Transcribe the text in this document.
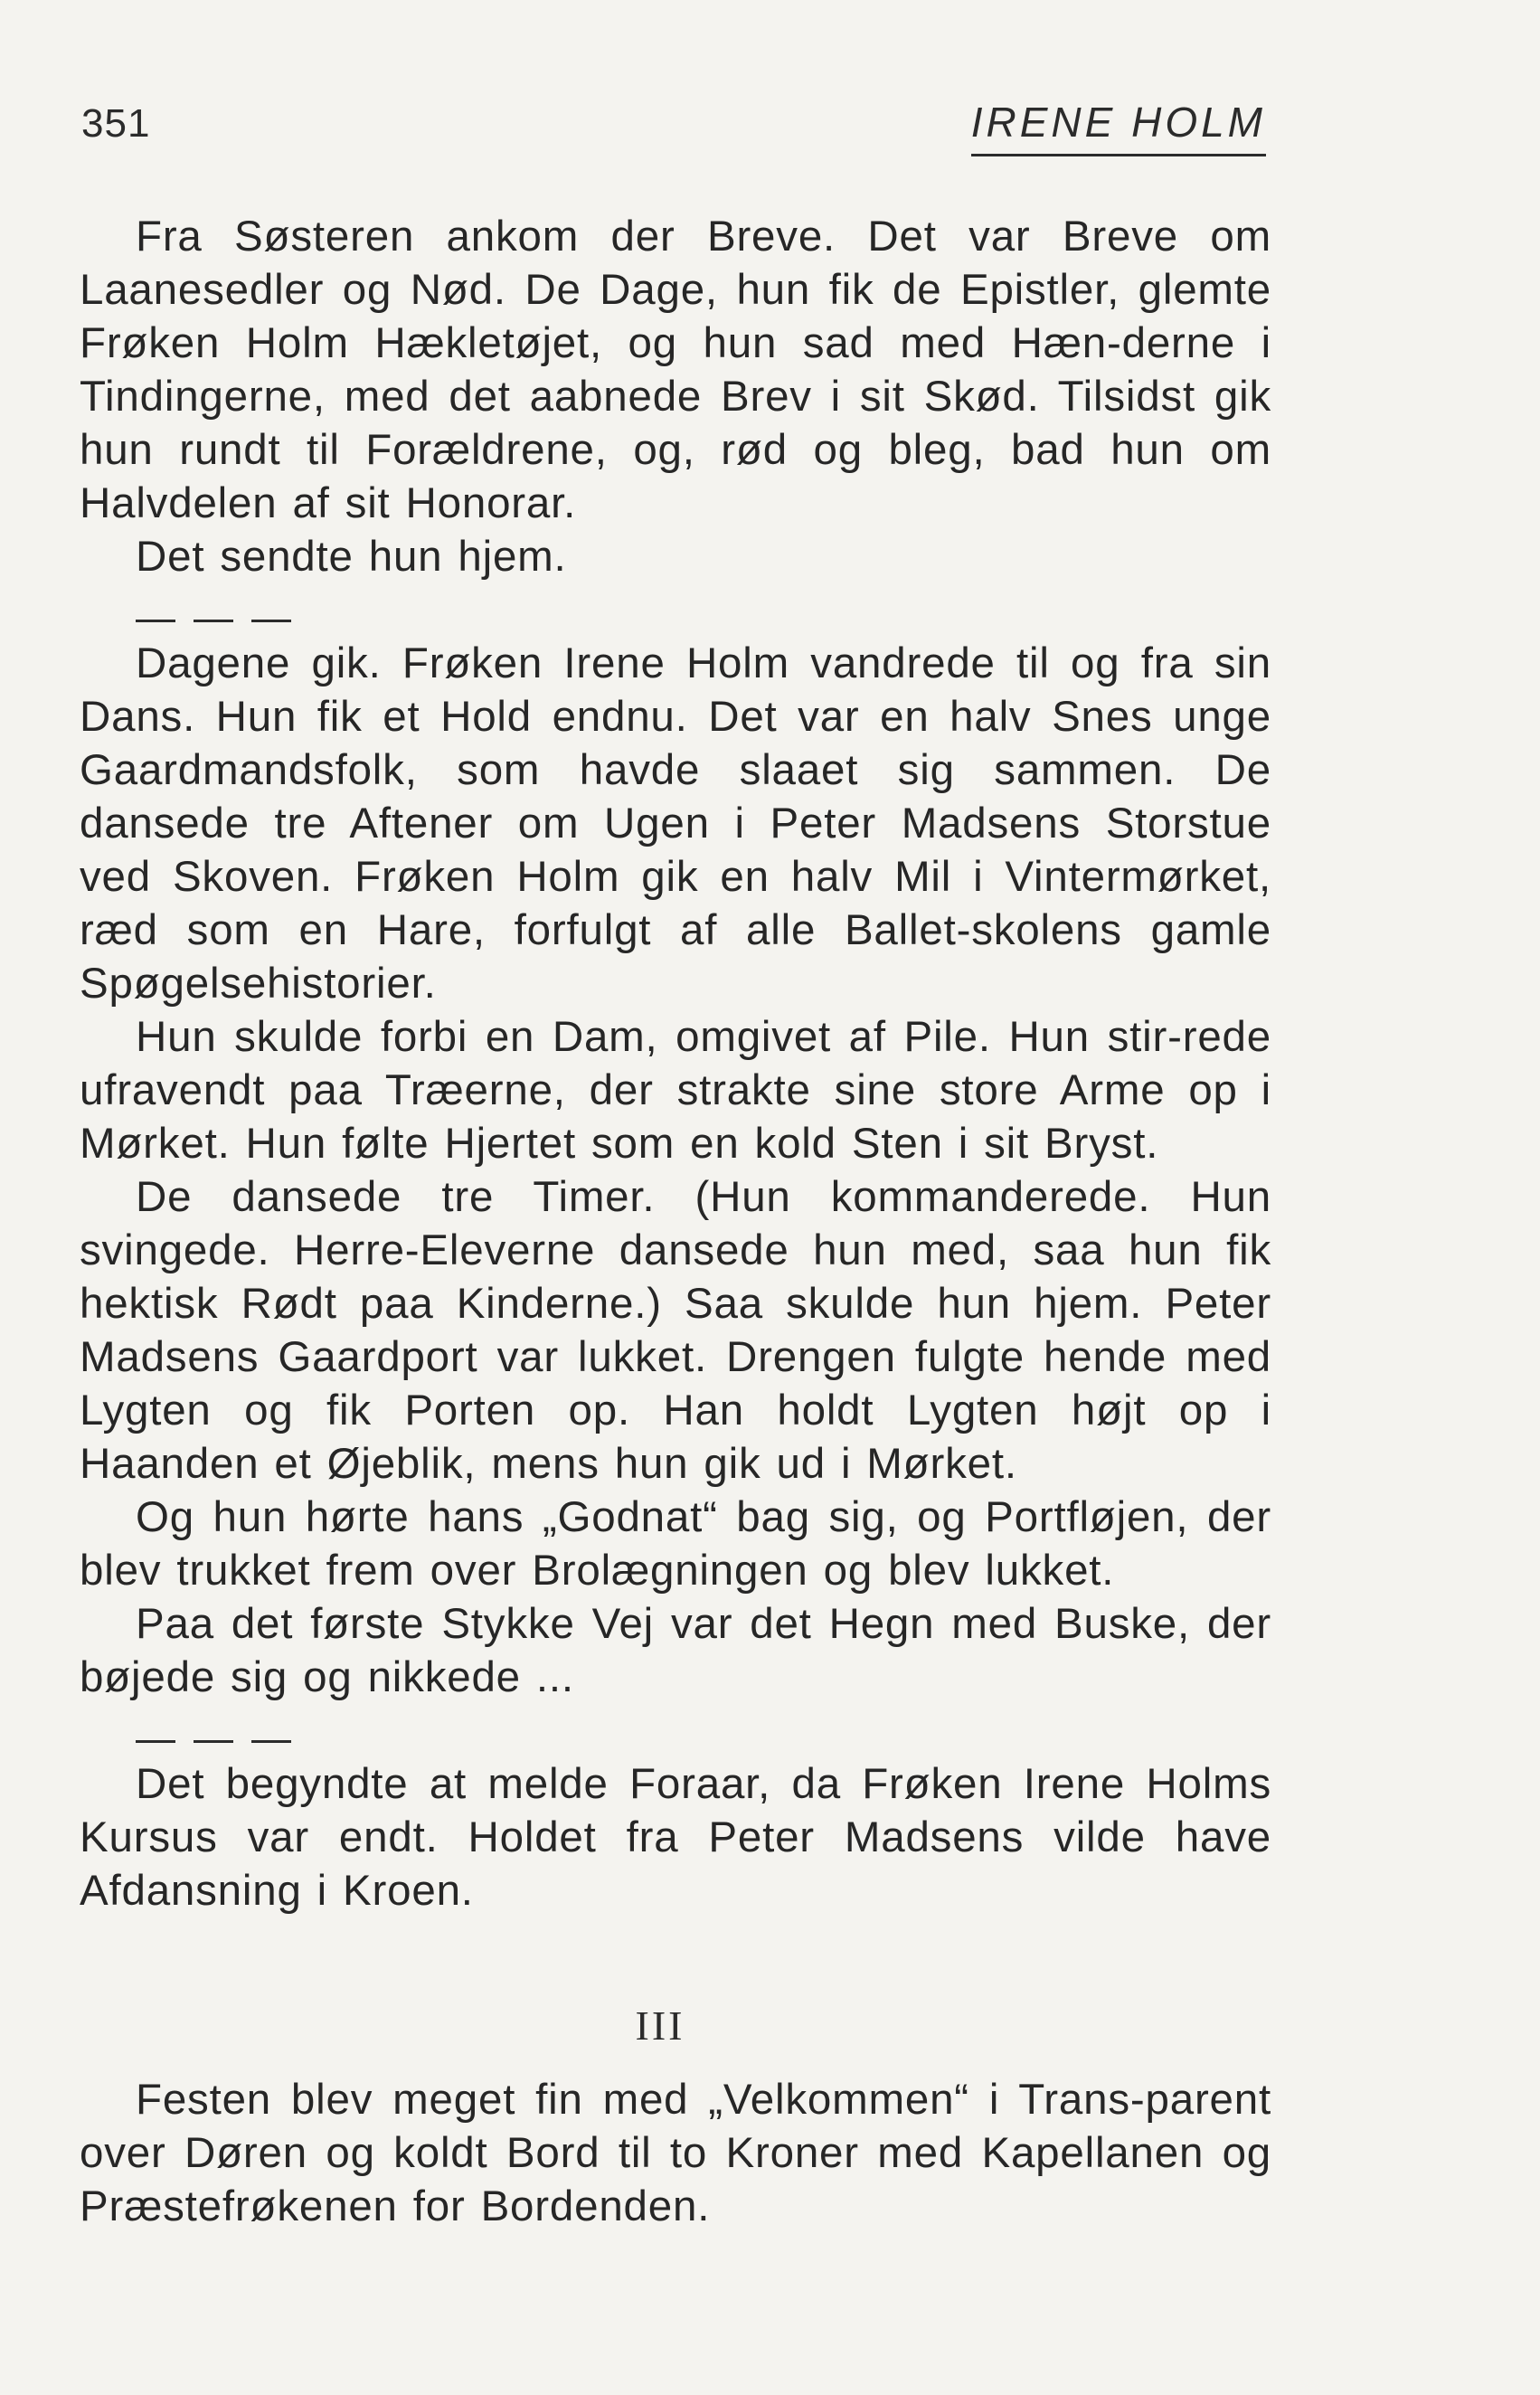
351	IRENE HOLM

Fra Søsteren ankom der Breve. Det var Breve om Laanesedler og Nød. De Dage, hun fik de Epistler, glemte Frøken Holm Hækletøjet, og hun sad med Hæn-derne i Tindingerne, med det aabnede Brev i sit Skød. Tilsidst gik hun rundt til Forældrene, og, rød og bleg, bad hun om Halvdelen af sit Honorar.

Det sendte hun hjem.

Dagene gik. Frøken Irene Holm vandrede til og fra sin Dans. Hun fik et Hold endnu. Det var en halv Snes unge Gaardmandsfolk, som havde slaaet sig sammen. De dansede tre Aftener om Ugen i Peter Madsens Storstue ved Skoven. Frøken Holm gik en halv Mil i Vintermørket, ræd som en Hare, forfulgt af alle Ballet-skolens gamle Spøgelsehistorier.

Hun skulde forbi en Dam, omgivet af Pile. Hun stir-rede ufravendt paa Træerne, der strakte sine store Arme op i Mørket. Hun følte Hjertet som en kold Sten i sit Bryst.

De dansede tre Timer. (Hun kommanderede. Hun svingede. Herre-Eleverne dansede hun med, saa hun fik hektisk Rødt paa Kinderne.) Saa skulde hun hjem. Peter Madsens Gaardport var lukket. Drengen fulgte hende med Lygten og fik Porten op. Han holdt Lygten højt op i Haanden et Øjeblik, mens hun gik ud i Mørket.

Og hun hørte hans „Godnat“ bag sig, og Portfløjen, der blev trukket frem over Brolægningen og blev lukket.

Paa det første Stykke Vej var det Hegn med Buske, der bøjede sig og nikkede ...

Det begyndte at melde Foraar, da Frøken Irene Holms Kursus var endt. Holdet fra Peter Madsens vilde have Afdansning i Kroen.

III

Festen blev meget fin med „Velkommen“ i Trans-parent over Døren og koldt Bord til to Kroner med Kapellanen og Præstefrøkenen for Bordenden.
